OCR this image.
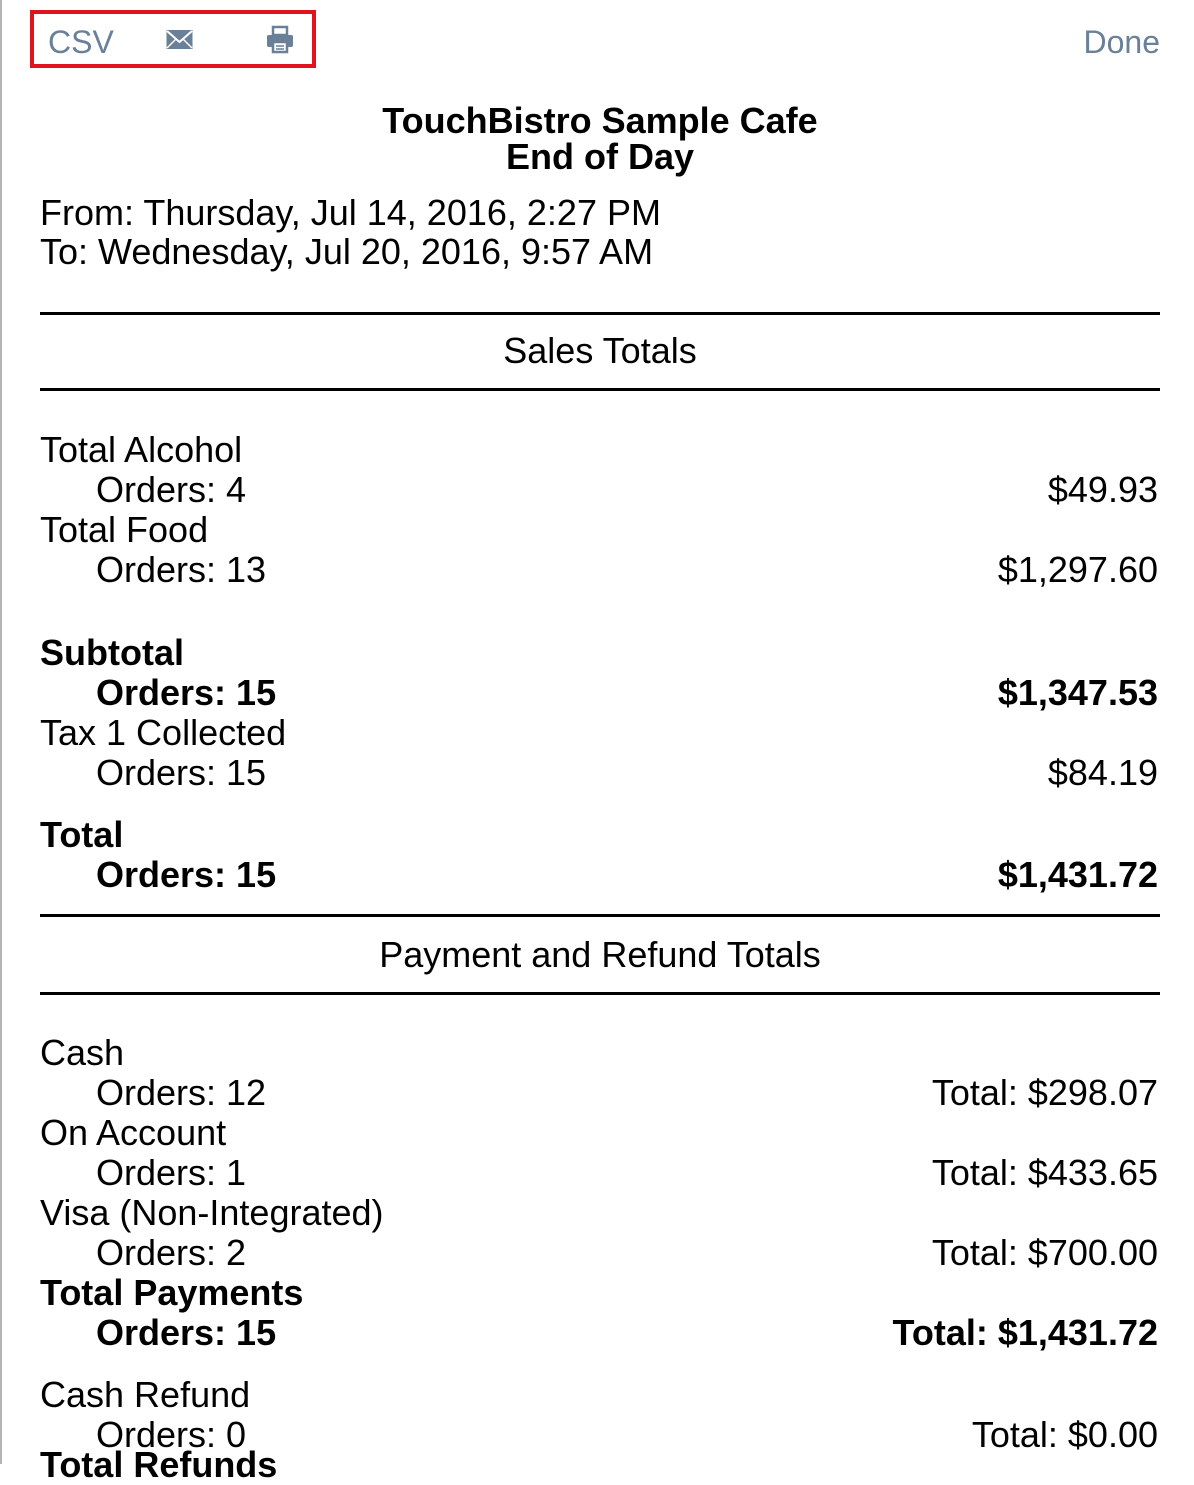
CSV	Done
TouchBistro Sample Cafe
End of Day
From: Thursday, Jul 14, 2016, 2:27 PM
To: Wednesday, Jul 20, 2016, 9:57 AM
Sales Totals
Total Alcohol
Orders: 4	$49.93
Total Food
Orders: 13	$1,297.60
Subtotal
Orders: 15	$1,347.53
Tax 1 Collected
Orders: 15	$84.19
Total
Orders: 15	$1,431.72
Payment and Refund Totals
Cash
Orders: 12	Total: $298.07
On Account
Orders: 1	Total: $433.65
Visa (Non-Integrated)
Orders: 2	Total: $700.00
Total Payments
Orders: 15	Total: $1,431.72
Cash Refund
Orders: 0	Total: $0.00
Total Refunds
